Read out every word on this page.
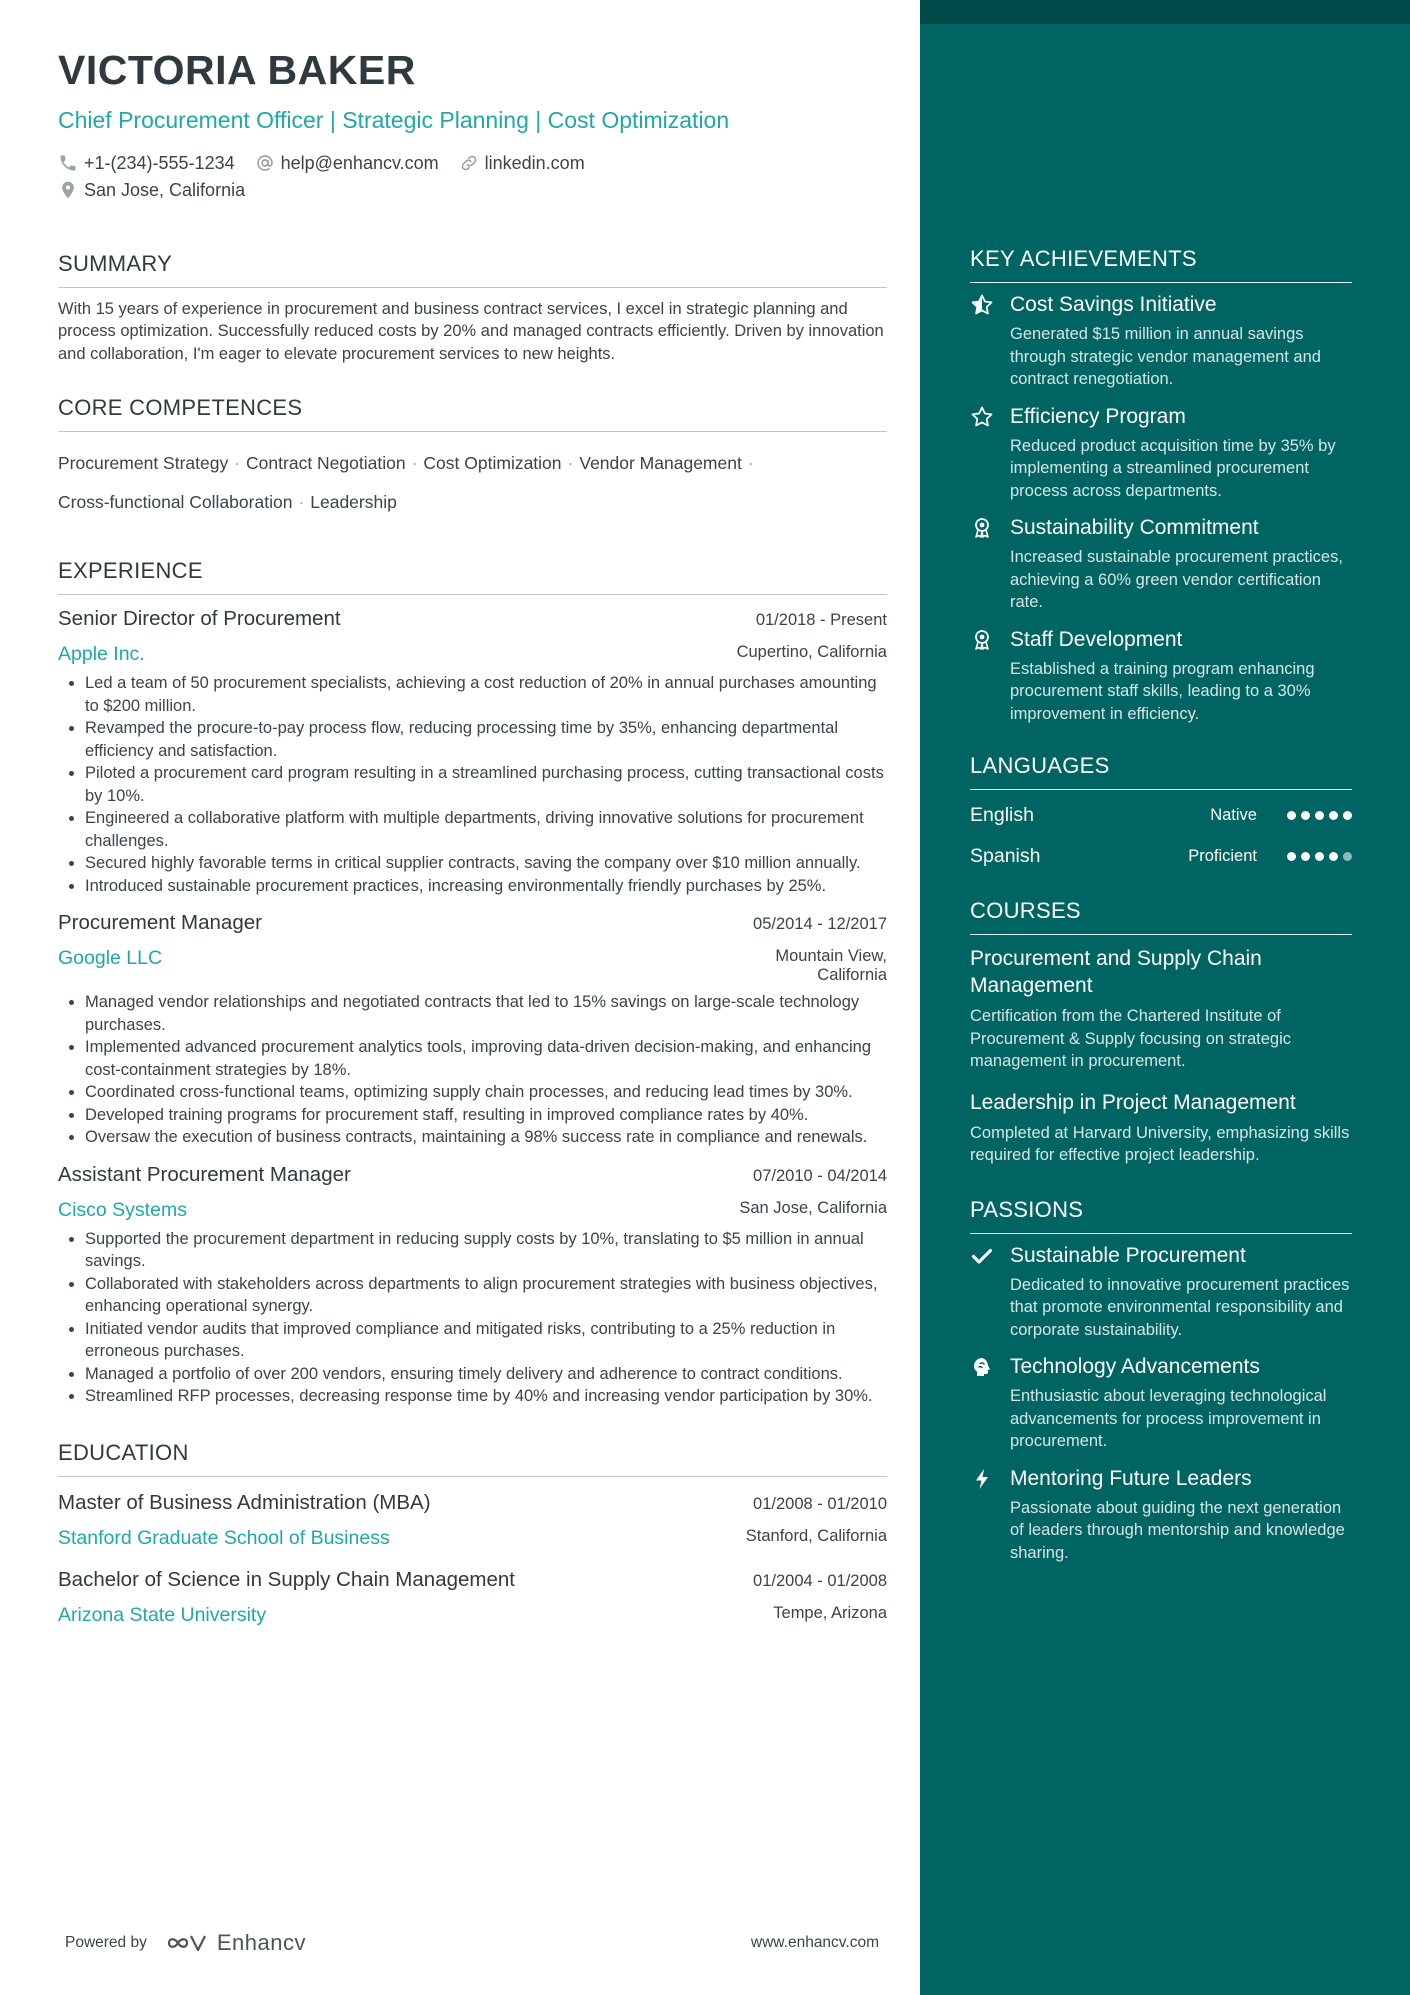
VICTORIA BAKER
Chief Procurement Officer | Strategic Planning | Cost Optimization
+1-(234)-555-1234	help@enhancv.com	linkedin.com
San Jose, California
SUMMARY
With 15 years of experience in procurement and business contract services, I excel in strategic planning and process optimization. Successfully reduced costs by 20% and managed contracts efficiently. Driven by innovation and collaboration, I'm eager to elevate procurement services to new heights.
CORE COMPETENCES
Procurement Strategy · Contract Negotiation · Cost Optimization · Vendor Management ·
Cross-functional Collaboration · Leadership
EXPERIENCE
Senior Director of Procurement	01/2018 - Present
Apple Inc.	Cupertino, California
• Led a team of 50 procurement specialists, achieving a cost reduction of 20% in annual purchases amounting to $200 million.
• Revamped the procure-to-pay process flow, reducing processing time by 35%, enhancing departmental efficiency and satisfaction.
• Piloted a procurement card program resulting in a streamlined purchasing process, cutting transactional costs by 10%.
• Engineered a collaborative platform with multiple departments, driving innovative solutions for procurement challenges.
• Secured highly favorable terms in critical supplier contracts, saving the company over $10 million annually.
• Introduced sustainable procurement practices, increasing environmentally friendly purchases by 25%.
Procurement Manager	05/2014 - 12/2017
Google LLC	Mountain View,
California
• Managed vendor relationships and negotiated contracts that led to 15% savings on large-scale technology purchases.
• Implemented advanced procurement analytics tools, improving data-driven decision-making, and enhancing cost-containment strategies by 18%.
• Coordinated cross-functional teams, optimizing supply chain processes, and reducing lead times by 30%.
• Developed training programs for procurement staff, resulting in improved compliance rates by 40%.
• Oversaw the execution of business contracts, maintaining a 98% success rate in compliance and renewals.
Assistant Procurement Manager	07/2010 - 04/2014
Cisco Systems	San Jose, California
• Supported the procurement department in reducing supply costs by 10%, translating to $5 million in annual savings.
• Collaborated with stakeholders across departments to align procurement strategies with business objectives, enhancing operational synergy.
• Initiated vendor audits that improved compliance and mitigated risks, contributing to a 25% reduction in erroneous purchases.
• Managed a portfolio of over 200 vendors, ensuring timely delivery and adherence to contract conditions.
• Streamlined RFP processes, decreasing response time by 40% and increasing vendor participation by 30%.
EDUCATION
Master of Business Administration (MBA)	01/2008 - 01/2010
Stanford Graduate School of Business	Stanford, California
Bachelor of Science in Supply Chain Management	01/2004 - 01/2008
Arizona State University	Tempe, Arizona
Powered by	Enhancv	www.enhancv.com
KEY ACHIEVEMENTS
Cost Savings Initiative
Generated $15 million in annual savings through strategic vendor management and contract renegotiation.
Efficiency Program
Reduced product acquisition time by 35% by implementing a streamlined procurement process across departments.
Sustainability Commitment
Increased sustainable procurement practices, achieving a 60% green vendor certification rate.
Staff Development
Established a training program enhancing procurement staff skills, leading to a 30% improvement in efficiency.
LANGUAGES
English	Native
Spanish	Proficient
COURSES
Procurement and Supply Chain Management
Certification from the Chartered Institute of Procurement & Supply focusing on strategic management in procurement.
Leadership in Project Management
Completed at Harvard University, emphasizing skills required for effective project leadership.
PASSIONS
Sustainable Procurement
Dedicated to innovative procurement practices that promote environmental responsibility and corporate sustainability.
Technology Advancements
Enthusiastic about leveraging technological advancements for process improvement in procurement.
Mentoring Future Leaders
Passionate about guiding the next generation of leaders through mentorship and knowledge sharing.
